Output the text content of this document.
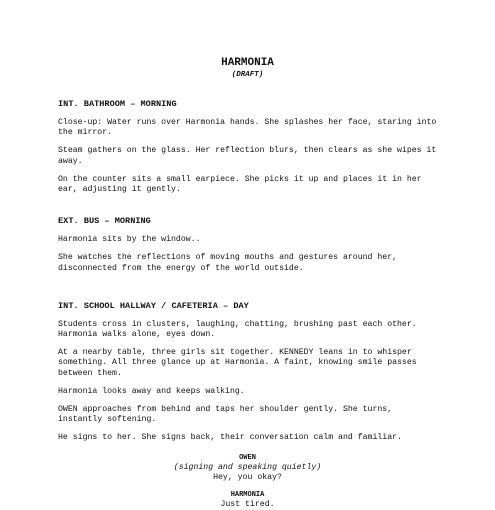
HARMONIA

(DRAFT)

INT. BATHROOM – MORNING

Close-up: Water runs over Harmonia hands. She splashes her face, staring into the mirror.

Steam gathers on the glass. Her reflection blurs, then clears as she wipes it away.

On the counter sits a small earpiece. She picks it up and places it in her ear, adjusting it gently.

EXT. BUS – MORNING

Harmonia sits by the window..

She watches the reflections of moving mouths and gestures around her, disconnected from the energy of the world outside.

INT. SCHOOL HALLWAY / CAFETERIA – DAY

Students cross in clusters, laughing, chatting, brushing past each other. Harmonia walks alone, eyes down.

At a nearby table, three girls sit together. KENNEDY leans in to whisper something. All three glance up at Harmonia. A faint, knowing smile passes between them.

Harmonia looks away and keeps walking.

OWEN approaches from behind and taps her shoulder gently. She turns, instantly softening.

He signs to her. She signs back, their conversation calm and familiar.

OWEN

(signing and speaking quietly)

Hey, you okay?

HARMONIA

Just tired.
